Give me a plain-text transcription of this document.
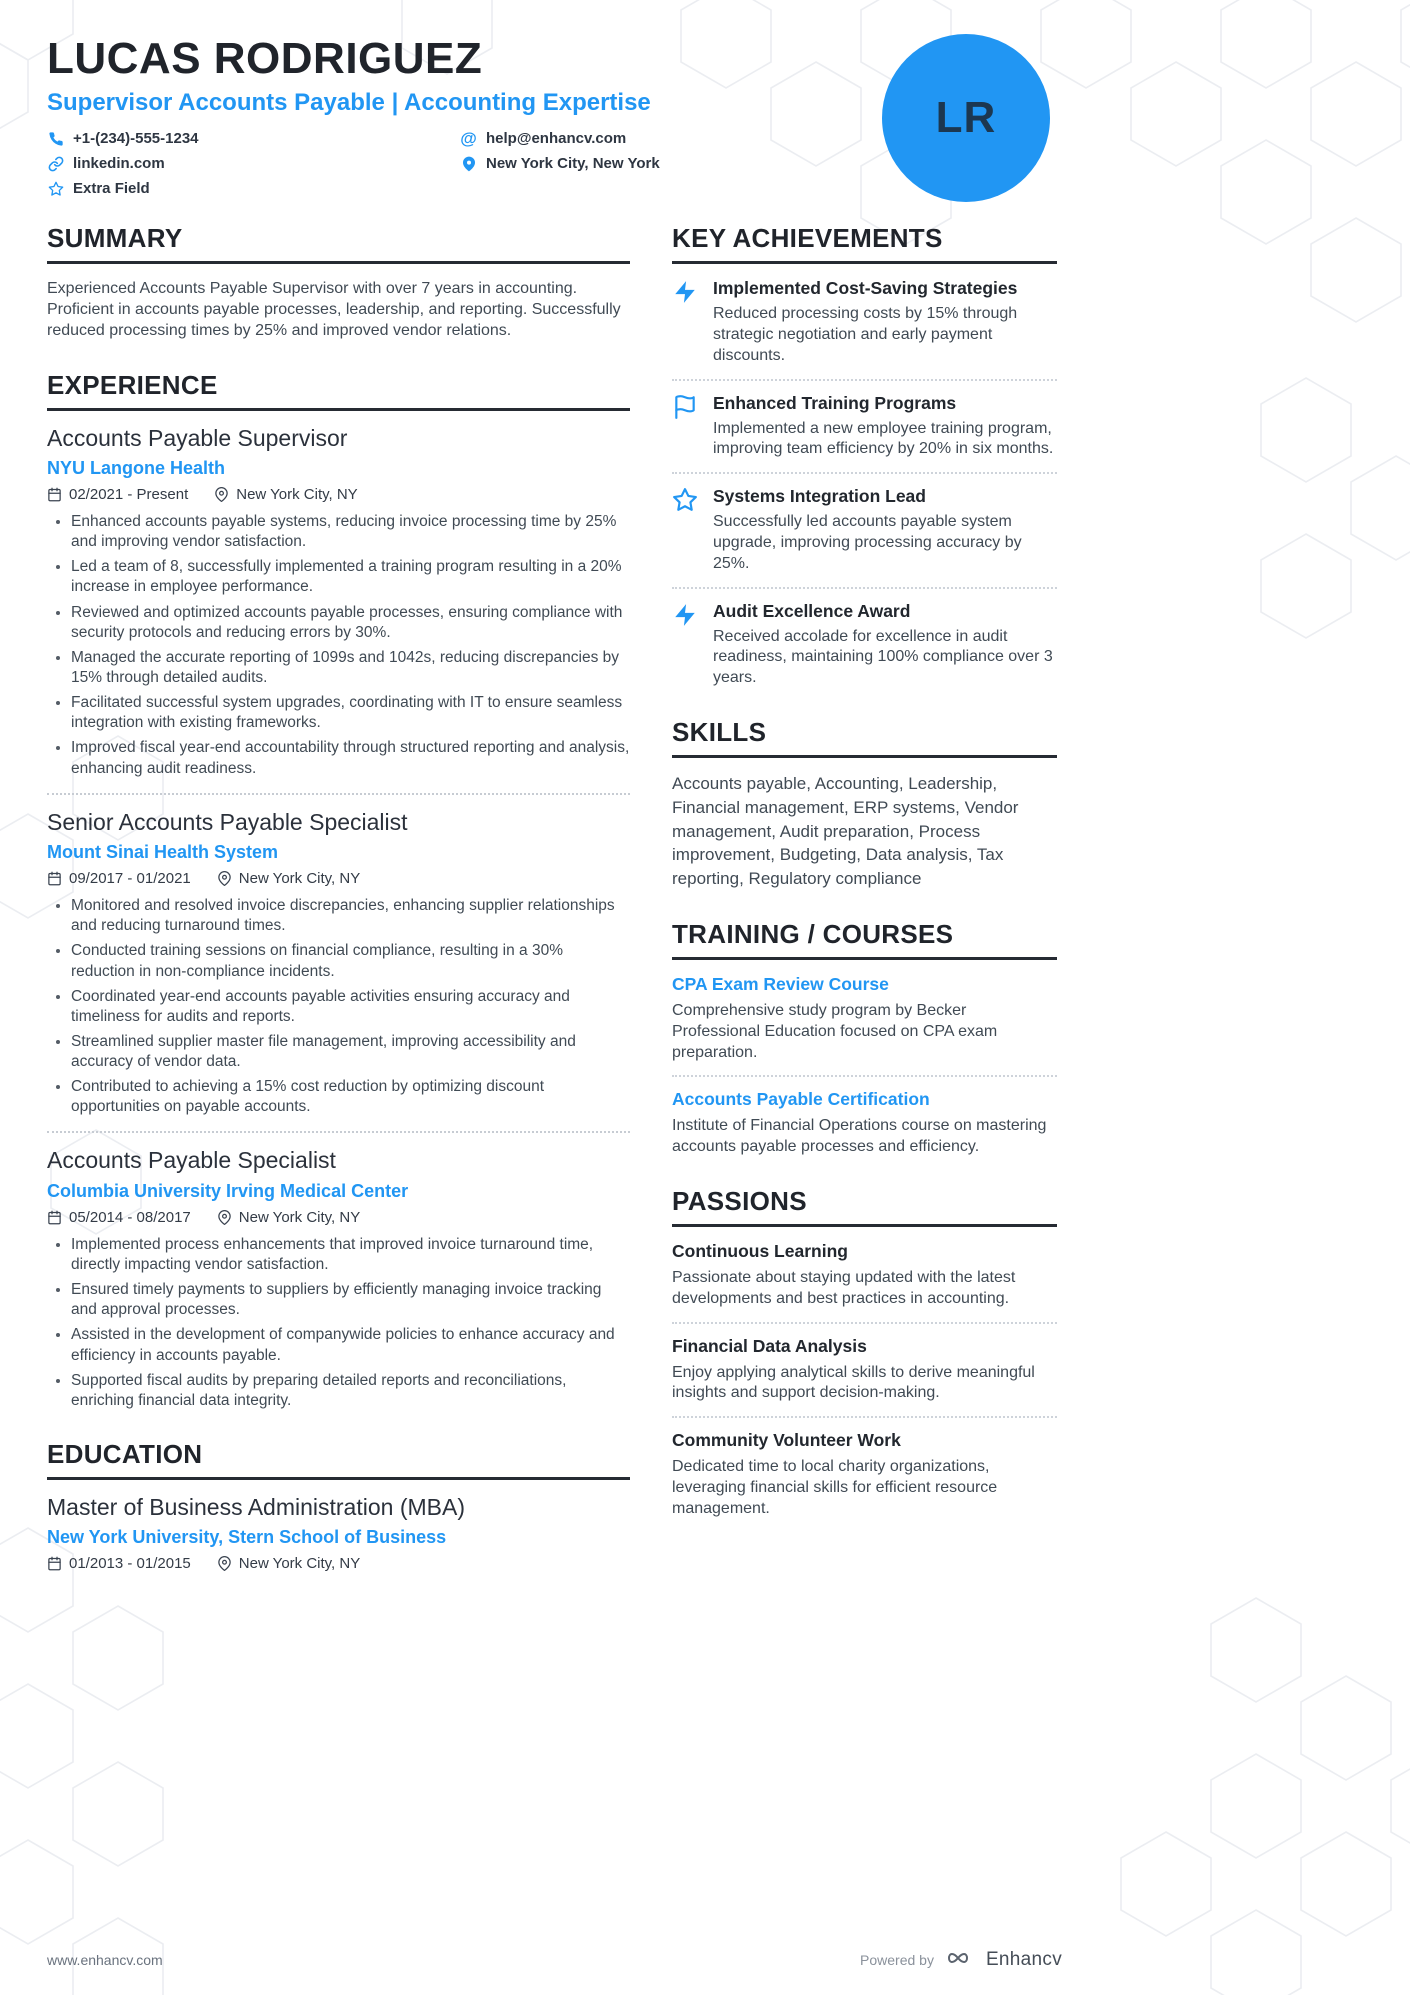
LUCAS RODRIGUEZ
Supervisor Accounts Payable | Accounting Expertise
+1-(234)-555-1234	@ help@enhancv.com
linkedin.com	New York City, New York
Extra Field
LR
SUMMARY

Experienced Accounts Payable Supervisor with over 7 years in accounting. Proficient in accounts payable processes, leadership, and reporting. Successfully reduced processing times by 25% and improved vendor relations.

EXPERIENCE
Accounts Payable Supervisor
NYU Langone Health
02/2021 - Present	New York City, NY
• Enhanced accounts payable systems, reducing invoice processing time by 25% and improving vendor satisfaction.
• Led a team of 8, successfully implemented a training program resulting in a 20% increase in employee performance.
• Reviewed and optimized accounts payable processes, ensuring compliance with security protocols and reducing errors by 30%.
• Managed the accurate reporting of 1099s and 1042s, reducing discrepancies by 15% through detailed audits.
• Facilitated successful system upgrades, coordinating with IT to ensure seamless integration with existing frameworks.
• Improved fiscal year-end accountability through structured reporting and analysis, enhancing audit readiness.
Senior Accounts Payable Specialist
Mount Sinai Health System
09/2017 - 01/2021	New York City, NY
• Monitored and resolved invoice discrepancies, enhancing supplier relationships and reducing turnaround times.
• Conducted training sessions on financial compliance, resulting in a 30% reduction in non-compliance incidents.
• Coordinated year-end accounts payable activities ensuring accuracy and timeliness for audits and reports.
• Streamlined supplier master file management, improving accessibility and accuracy of vendor data.
• Contributed to achieving a 15% cost reduction by optimizing discount opportunities on payable accounts.
Accounts Payable Specialist
Columbia University Irving Medical Center
05/2014 - 08/2017	New York City, NY
• Implemented process enhancements that improved invoice turnaround time, directly impacting vendor satisfaction.
• Ensured timely payments to suppliers by efficiently managing invoice tracking and approval processes.
• Assisted in the development of companywide policies to enhance accuracy and efficiency in accounts payable.
• Supported fiscal audits by preparing detailed reports and reconciliations, enriching financial data integrity.
EDUCATION
Master of Business Administration (MBA)
New York University, Stern School of Business
01/2013 - 01/2015	New York City, NY
KEY ACHIEVEMENTS
Implemented Cost-Saving Strategies

Reduced processing costs by 15% through strategic negotiation and early payment discounts.

Enhanced Training Programs

Implemented a new employee training program, improving team efficiency by 20% in six months.

Systems Integration Lead

Successfully led accounts payable system upgrade, improving processing accuracy by 25%.

Audit Excellence Award

Received accolade for excellence in audit readiness, maintaining 100% compliance over 3 years.

SKILLS

Accounts payable, Accounting, Leadership, Financial management, ERP systems, Vendor management, Audit preparation, Process improvement, Budgeting, Data analysis, Tax reporting, Regulatory compliance

TRAINING / COURSES
CPA Exam Review Course

Comprehensive study program by Becker Professional Education focused on CPA exam preparation.

Accounts Payable Certification

Institute of Financial Operations course on mastering accounts payable processes and efficiency.

PASSIONS
Continuous Learning

Passionate about staying updated with the latest developments and best practices in accounting.

Financial Data Analysis

Enjoy applying analytical skills to derive meaningful insights and support decision-making.

Community Volunteer Work

Dedicated time to local charity organizations, leveraging financial skills for efficient resource management.

www.enhancv.com	Powered by	Enhancv
